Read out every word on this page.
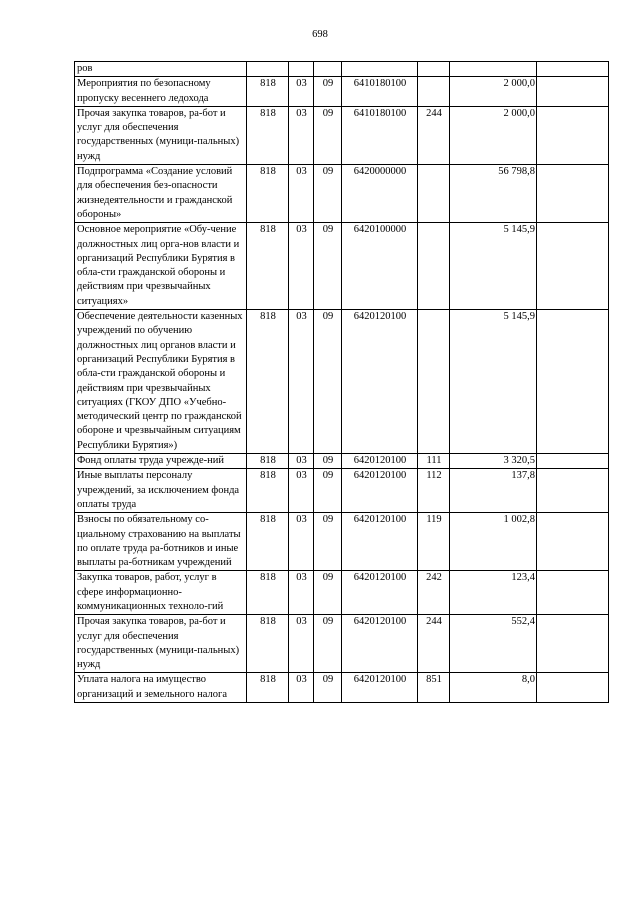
698
ров							
Мероприятия по безопасному пропуску весеннего ледохода	818	03	09	6410180100		2 000,0	
Прочая закупка товаров, ра-бот и услуг для обеспечения государственных (муници-пальных) нужд	818	03	09	6410180100	244	2 000,0	
Подпрограмма «Создание условий для обеспечения без-опасности жизнедеятельности и гражданской обороны»	818	03	09	6420000000		56 798,8	
Основное мероприятие «Обу-чение должностных лиц орга-нов власти и организаций Республики Бурятия в обла-сти гражданской обороны и действиям при чрезвычайных ситуациях»	818	03	09	6420100000		5 145,9	
Обеспечение деятельности казенных учреждений по обучению должностных лиц органов власти и организаций Республики Бурятия в обла-сти гражданской обороны и действиям при чрезвычайных ситуациях (ГКОУ ДПО «Учебно-методический центр по гражданской обороне и чрезвычайным ситуациям Республики Бурятия»)	818	03	09	6420120100		5 145,9	
Фонд оплаты труда учрежде-ний	818	03	09	6420120100	111	3 320,5	
Иные выплаты персоналу учреждений, за исключением фонда оплаты труда	818	03	09	6420120100	112	137,8	
Взносы по обязательному со-циальному страхованию на выплаты по оплате труда ра-ботников и иные выплаты ра-ботникам учреждений	818	03	09	6420120100	119	1 002,8	
Закупка товаров, работ, услуг в сфере информационно-коммуникационных техноло-гий	818	03	09	6420120100	242	123,4	
Прочая закупка товаров, ра-бот и услуг для обеспечения государственных (муници-пальных) нужд	818	03	09	6420120100	244	552,4	
Уплата налога на имущество организаций и земельного налога	818	03	09	6420120100	851	8,0	
